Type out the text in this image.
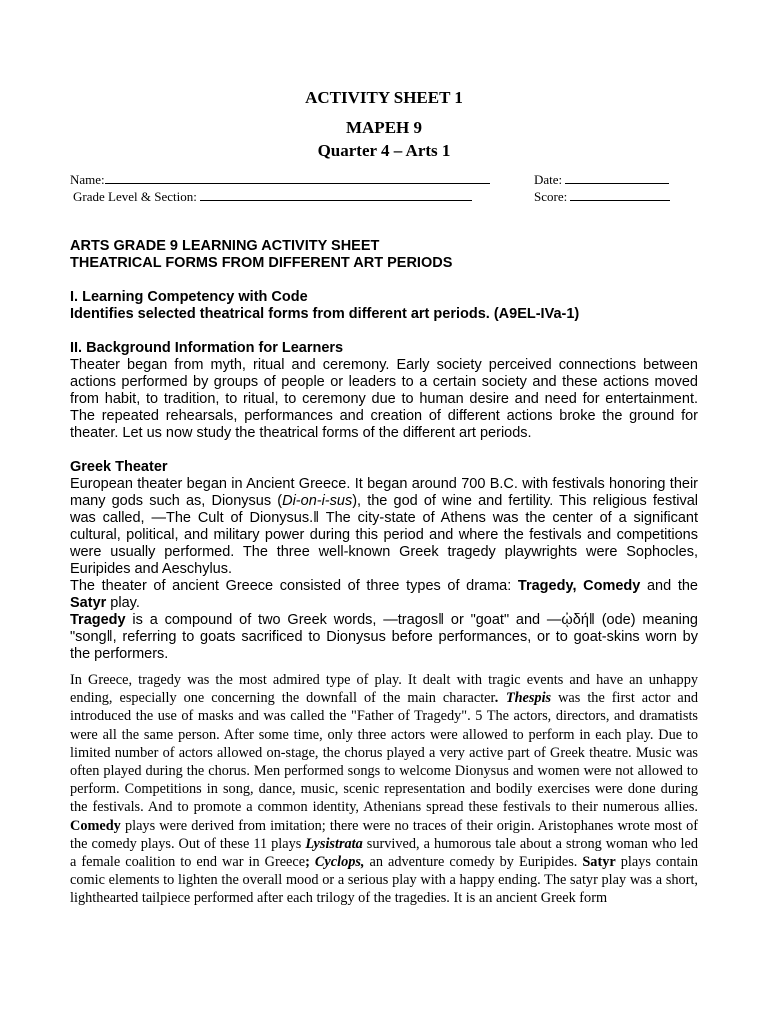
ACTIVITY SHEET 1
MAPEH 9
Quarter 4 – Arts 1
Name:	Date:
Grade Level & Section:	Score:

ARTS GRADE 9 LEARNING ACTIVITY SHEET

THEATRICAL FORMS FROM DIFFERENT ART PERIODS

I. Learning Competency with Code

Identifies selected theatrical forms from different art periods. (A9EL-IVa-1)

II. Background Information for Learners

Theater began from myth, ritual and ceremony. Early society perceived connections between actions performed by groups of people or leaders to a certain society and these actions moved from habit, to tradition, to ritual, to ceremony due to human desire and need for entertainment. The repeated rehearsals, performances and creation of different actions broke the ground for theater. Let us now study the theatrical forms of the different art periods.

Greek Theater

European theater began in Ancient Greece. It began around 700 B.C. with festivals honoring their many gods such as, Dionysus (Di-on-i-sus), the god of wine and fertility. This religious festival was called, ―The Cult of Dionysus.‖ The city-state of Athens was the center of a significant cultural, political, and military power during this period and where the festivals and competitions were usually performed. The three well-known Greek tragedy playwrights were Sophocles, Euripides and Aeschylus.

The theater of ancient Greece consisted of three types of drama: Tragedy, Comedy and the Satyr play.

Tragedy is a compound of two Greek words, ―tragos‖ or "goat" and ―ᾠδή‖ (ode) meaning "song‖, referring to goats sacrificed to Dionysus before performances, or to goat-skins worn by the performers.

In Greece, tragedy was the most admired type of play. It dealt with tragic events and have an unhappy ending, especially one concerning the downfall of the main character. Thespis was the first actor and introduced the use of masks and was called the "Father of Tragedy". 5 The actors, directors, and dramatists were all the same person. After some time, only three actors were allowed to perform in each play. Due to limited number of actors allowed on-stage, the chorus played a very active part of Greek theatre. Music was often played during the chorus. Men performed songs to welcome Dionysus and women were not allowed to perform. Competitions in song, dance, music, scenic representation and bodily exercises were done during the festivals. And to promote a common identity, Athenians spread these festivals to their numerous allies. Comedy plays were derived from imitation; there were no traces of their origin. Aristophanes wrote most of the comedy plays. Out of these 11 plays Lysistrata survived, a humorous tale about a strong woman who led a female coalition to end war in Greece; Cyclops, an adventure comedy by Euripides. Satyr plays contain comic elements to lighten the overall mood or a serious play with a happy ending. The satyr play was a short, lighthearted tailpiece performed after each trilogy of the tragedies. It is an ancient Greek form
